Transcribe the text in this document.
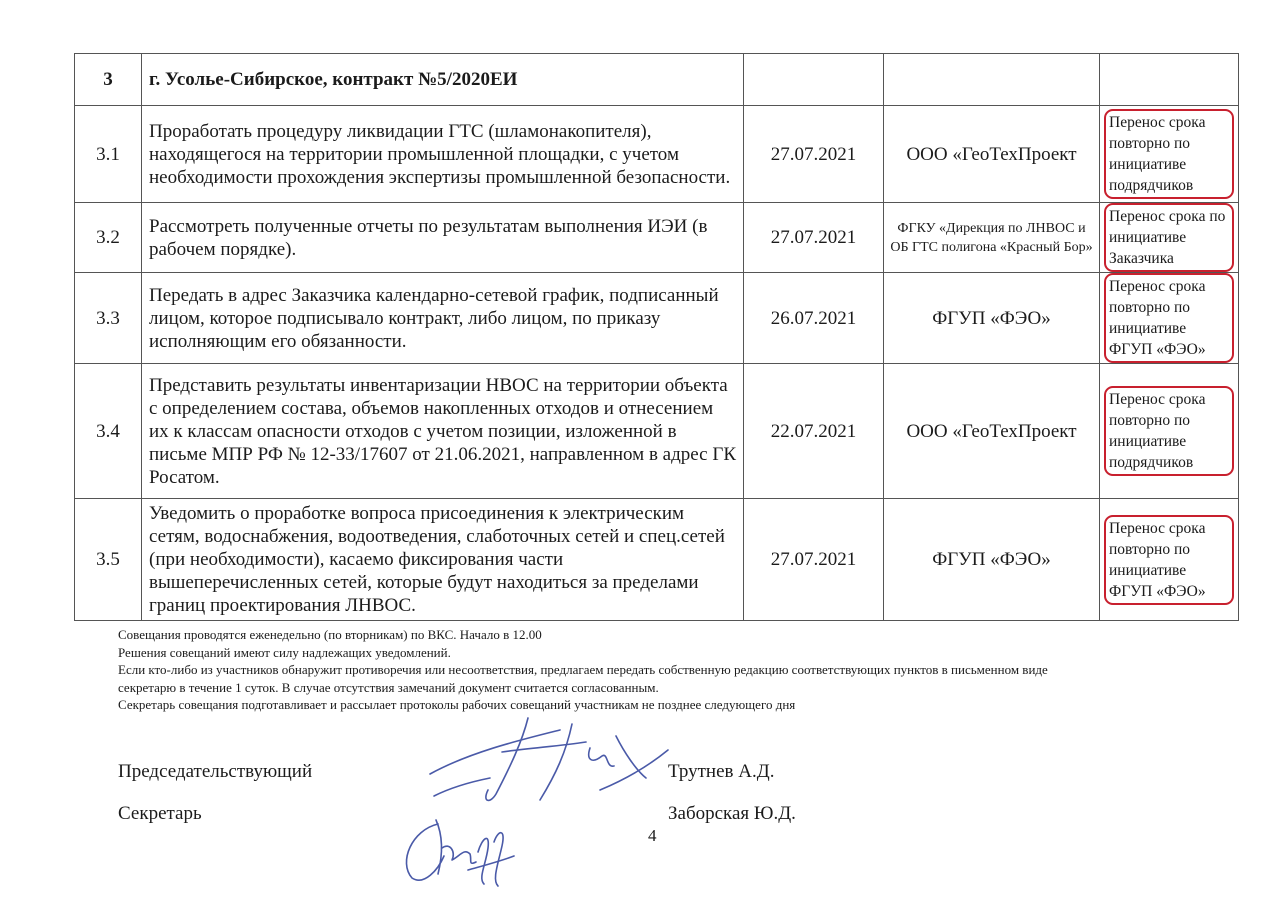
3	г. Усолье-Сибирское, контракт №5/2020ЕИ			
3.1	Проработать процедуру ликвидации ГТС (шламонакопителя), находящегося на территории промышленной площадки, с учетом необходимости прохождения экспертизы промышленной безопасности.	27.07.2021	ООО «ГеоТехПроект	Перенос срока повторно по инициативе подрядчиков

3.2	Рассмотреть полученные отчеты по результатам выполнения ИЭИ (в рабочем порядке).	27.07.2021	ФГКУ «Дирекция по ЛНВОС и ОБ ГТС полигона «Красный Бор»	Перенос срока по инициативе Заказчика

3.3	Передать в адрес Заказчика календарно-сетевой график, подписанный лицом, которое подписывало контракт, либо лицом, по приказу исполняющим его обязанности.	26.07.2021	ФГУП «ФЭО»	Перенос срока повторно по инициативе ФГУП «ФЭО»

3.4	Представить результаты инвентаризации НВОС на территории объекта с определением состава, объемов накопленных отходов и отнесением их к классам опасности отходов с учетом позиции, изложенной в письме МПР РФ № 12-33/17607 от 21.06.2021, направленном в адрес ГК Росатом.	22.07.2021	ООО «ГеоТехПроект	Перенос срока повторно по инициативе подрядчиков

3.5	Уведомить о проработке вопроса присоединения к электрическим сетям, водоснабжения, водоотведения, слаботочных сетей и спец.сетей (при необходимости), касаемо фиксирования части вышеперечисленных сетей, которые будут находиться за пределами границ проектирования ЛНВОС.	27.07.2021	ФГУП «ФЭО»	Перенос срока повторно по инициативе ФГУП «ФЭО»
Совещания проводятся еженедельно (по вторникам) по ВКС. Начало в 12.00
Решения совещаний имеют силу надлежащих уведомлений.
Если кто-либо из участников обнаружит противоречия или несоответствия, предлагаем передать собственную редакцию соответствующих пунктов в письменном виде
секретарю в течение 1 суток. В случае отсутствия замечаний документ считается согласованным.
Секретарь совещания подготавливает и рассылает протоколы рабочих совещаний участникам не позднее следующего дня
Председательствующий	Трутнев А.Д.
Секретарь	Заборская Ю.Д.
4
